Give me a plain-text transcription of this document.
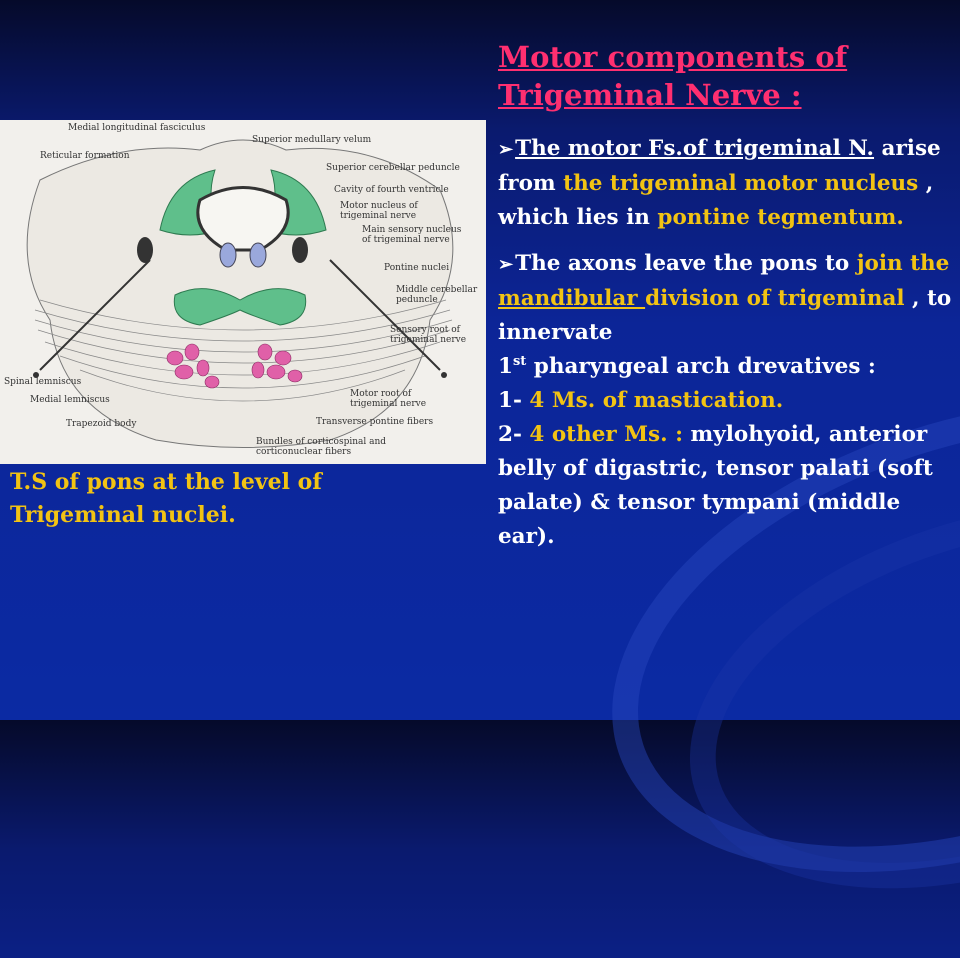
Medial longitudinal fasciculus
Reticular formation
Superior medullary velum
Superior cerebellar peduncle
Cavity of fourth ventricle
Motor nucleus of
trigeminal nerve
Main sensory nucleus
of trigeminal nerve
Pontine nuclei
Middle cerebellar
peduncle
Sensory root of
trigeminal nerve
Spinal lemniscus
Medial lemniscus
Trapezoid body
Motor root of
trigeminal nerve
Transverse pontine fibers
Bundles of corticospinal and
corticonuclear fibers
T.S of pons at the level of
Trigeminal nuclei.
Motor components of
Trigeminal Nerve :

➢The motor Fs.of trigeminal N. arise from the trigeminal motor nucleus , which lies in pontine tegmentum.

➢The axons leave the pons to join the mandibular division of trigeminal , to innervate
1st pharyngeal arch drevatives :
1- 4 Ms. of mastication.
2- 4 other Ms. : mylohyoid, anterior belly of digastric, tensor palati (soft palate) & tensor tympani (middle ear).
